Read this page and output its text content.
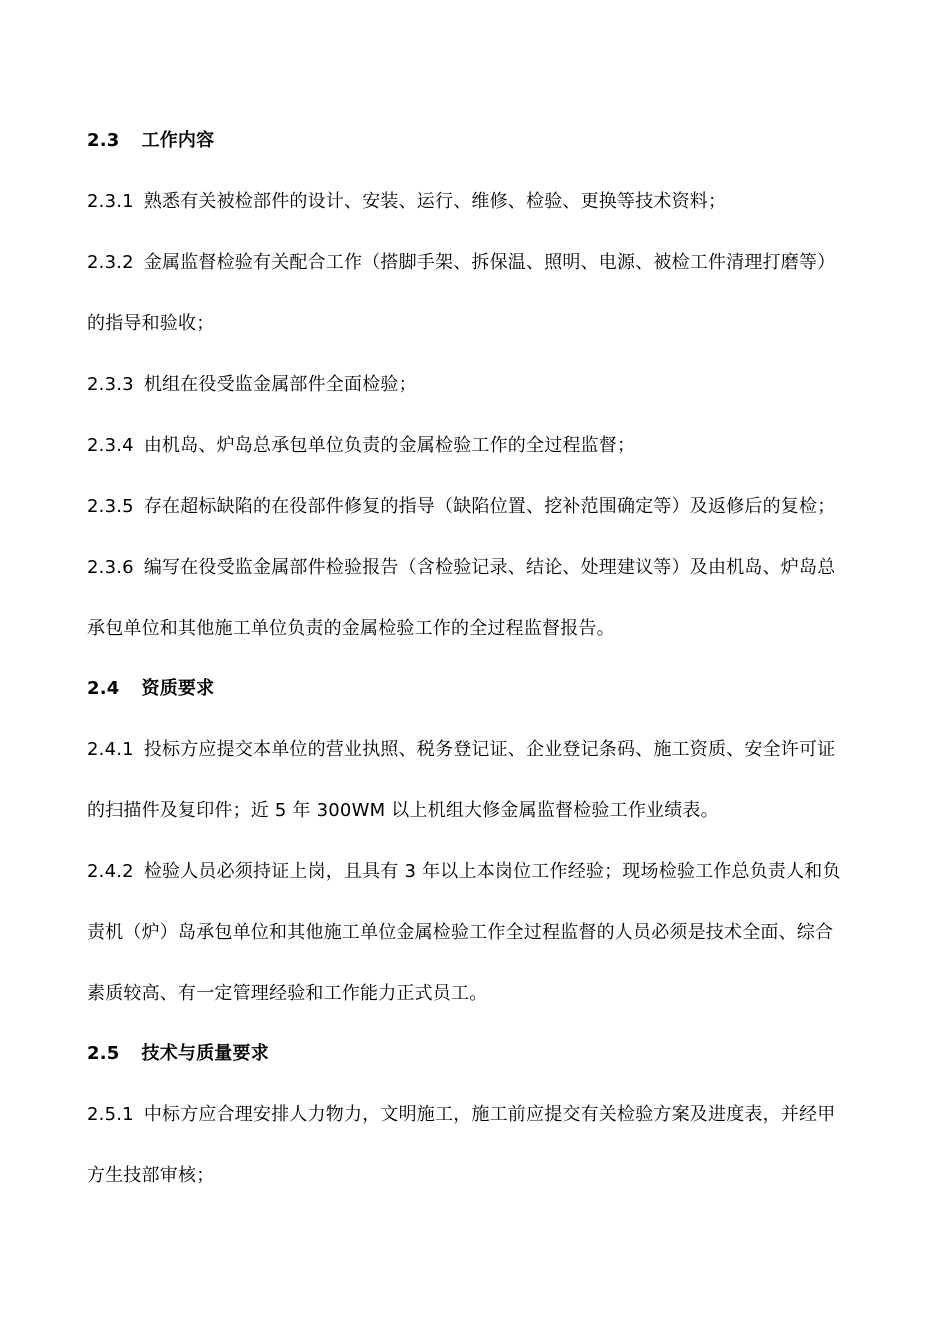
2.3 工作内容
2.3.1 熟悉有关被检部件的设计、安装、运行、维修、检验、更换等技术资料；
2.3.2 金属监督检验有关配合工作（搭脚手架、拆保温、照明、电源、被检工件清理打磨等）
的指导和验收；
2.3.3 机组在役受监金属部件全面检验；
2.3.4 由机岛、炉岛总承包单位负责的金属检验工作的全过程监督；
2.3.5 存在超标缺陷的在役部件修复的指导（缺陷位置、挖补范围确定等）及返修后的复检；
2.3.6 编写在役受监金属部件检验报告（含检验记录、结论、处理建议等）及由机岛、炉岛总
承包单位和其他施工单位负责的金属检验工作的全过程监督报告。
2.4 资质要求
2.4.1 投标方应提交本单位的营业执照、税务登记证、企业登记条码、施工资质、安全许可证
的扫描件及复印件；近 5 年 300WM 以上机组大修金属监督检验工作业绩表。
2.4.2 检验人员必须持证上岗，且具有 3 年以上本岗位工作经验；现场检验工作总负责人和负
责机（炉）岛承包单位和其他施工单位金属检验工作全过程监督的人员必须是技术全面、综合
素质较高、有一定管理经验和工作能力正式员工。
2.5 技术与质量要求
2.5.1 中标方应合理安排人力物力，文明施工，施工前应提交有关检验方案及进度表，并经甲
方生技部审核；
